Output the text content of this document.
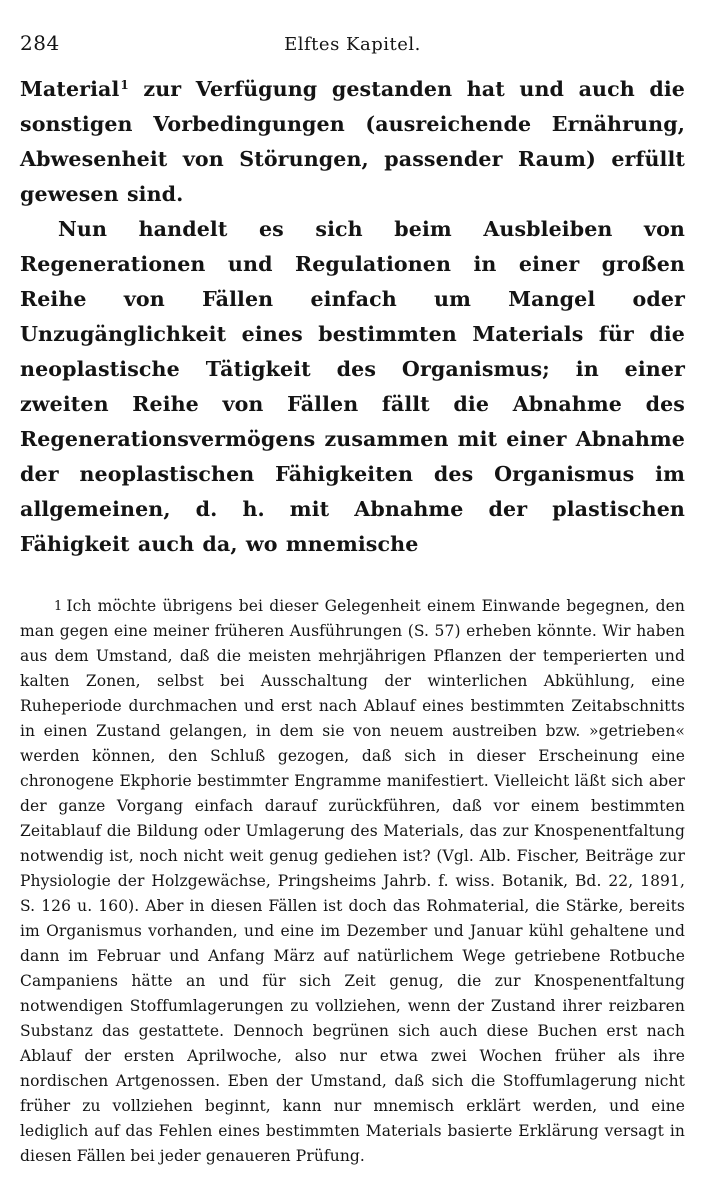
284	Elftes Kapitel.

Material$^1$ zur Verfügung gestanden hat und auch die sonstigen Vorbedingungen (ausreichende Ernährung, Abwesenheit von Störungen, passender Raum) erfüllt gewesen sind.

Nun handelt es sich beim Ausbleiben von Regenerationen und Regulationen in einer großen Reihe von Fällen einfach um Mangel oder Unzugänglichkeit eines bestimmten Materials für die neoplastische Tätigkeit des Organismus; in einer zweiten Reihe von Fällen fällt die Abnahme des Regenerationsvermögens zusammen mit einer Abnahme der neoplastischen Fähigkeiten des Organismus im allgemeinen, d. h. mit Abnahme der plastischen Fähigkeit auch da, wo mnemische

1 Ich möchte übrigens bei dieser Gelegenheit einem Einwande begegnen, den man gegen eine meiner früheren Ausführungen (S. 57) erheben könnte. Wir haben aus dem Umstand, daß die meisten mehrjährigen Pflanzen der temperierten und kalten Zonen, selbst bei Ausschaltung der winterlichen Abkühlung, eine Ruheperiode durchmachen und erst nach Ablauf eines bestimmten Zeitabschnitts in einen Zustand gelangen, in dem sie von neuem austreiben bzw. »getrieben« werden können, den Schluß gezogen, daß sich in dieser Erscheinung eine chronogene Ekphorie bestimmter Engramme manifestiert. Vielleicht läßt sich aber der ganze Vorgang einfach darauf zurückführen, daß vor einem bestimmten Zeitablauf die Bildung oder Umlagerung des Materials, das zur Knospenentfaltung notwendig ist, noch nicht weit genug gediehen ist? (Vgl. Alb. Fischer, Beiträge zur Physiologie der Holzgewächse, Pringsheims Jahrb. f. wiss. Botanik, Bd. 22, 1891, S. 126 u. 160). Aber in diesen Fällen ist doch das Rohmaterial, die Stärke, bereits im Organismus vorhanden, und eine im Dezember und Januar kühl gehaltene und dann im Februar und Anfang März auf natürlichem Wege getriebene Rotbuche Campaniens hätte an und für sich Zeit genug, die zur Knospenentfaltung notwendigen Stoffumlagerungen zu vollziehen, wenn der Zustand ihrer reizbaren Substanz das gestattete. Dennoch begrünen sich auch diese Buchen erst nach Ablauf der ersten Aprilwoche, also nur etwa zwei Wochen früher als ihre nordischen Artgenossen. Eben der Umstand, daß sich die Stoffumlagerung nicht früher zu vollziehen beginnt, kann nur mnemisch erklärt werden, und eine lediglich auf das Fehlen eines bestimmten Materials basierte Erklärung versagt in diesen Fällen bei jeder genaueren Prüfung.
